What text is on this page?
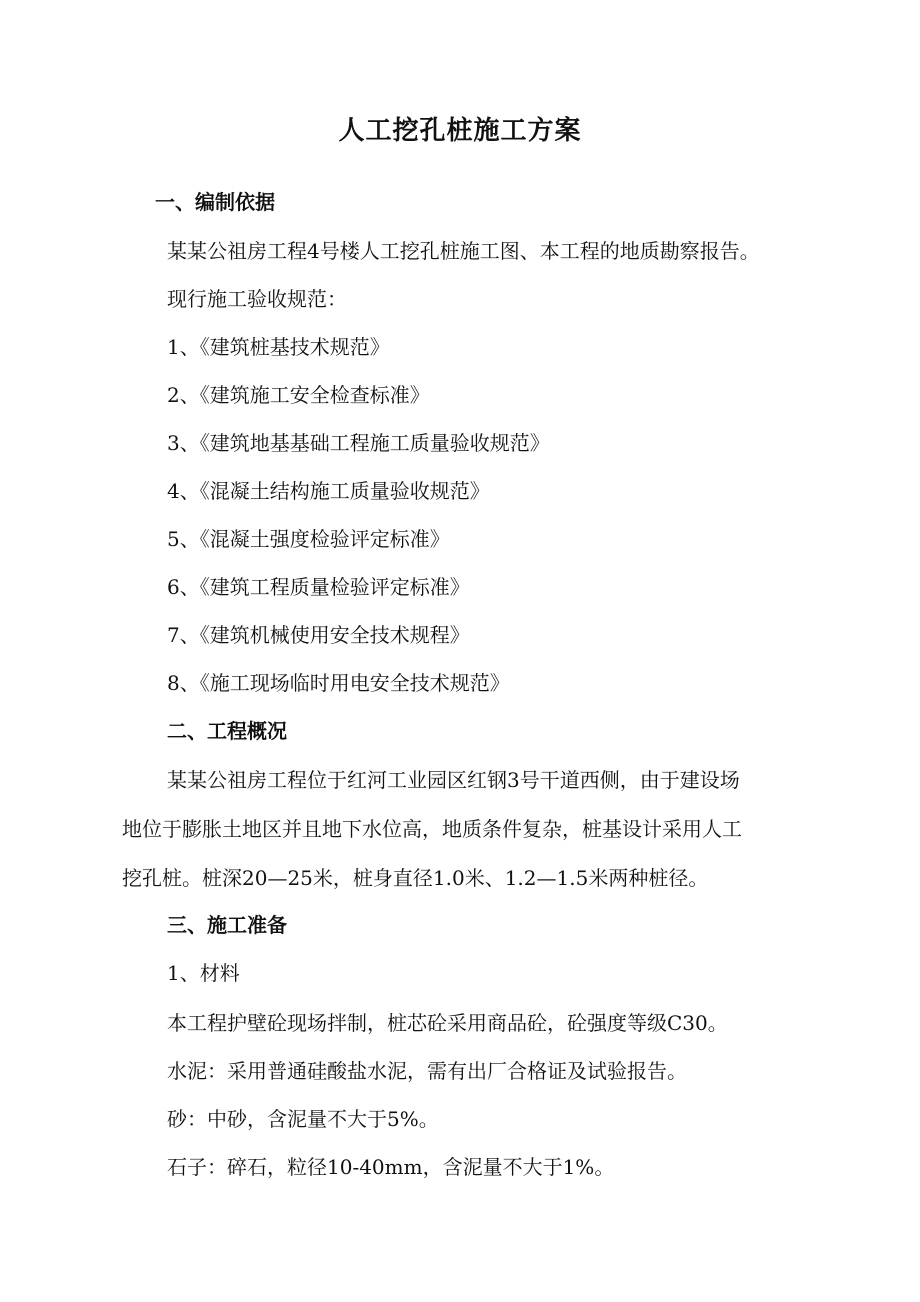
人工挖孔桩施工方案
一、编制依据
某某公祖房工程4号楼人工挖孔桩施工图、本工程的地质勘察报告。
现行施工验收规范：
1、《建筑桩基技术规范》
2、《建筑施工安全检查标准》
3、《建筑地基基础工程施工质量验收规范》
4、《混凝土结构施工质量验收规范》
5、《混凝土强度检验评定标准》
6、《建筑工程质量检验评定标准》
7、《建筑机械使用安全技术规程》
8、《施工现场临时用电安全技术规范》
二、工程概况
某某公祖房工程位于红河工业园区红钢3号干道西侧，由于建设场
地位于膨胀土地区并且地下水位高，地质条件复杂，桩基设计采用人工
挖孔桩。桩深20—25米，桩身直径1.0米、1.2—1.5米两种桩径。
三、施工准备
1、材料
本工程护壁砼现场拌制，桩芯砼采用商品砼，砼强度等级C30。
水泥：采用普通硅酸盐水泥，需有出厂合格证及试验报告。
砂：中砂，含泥量不大于5%。
石子：碎石，粒径10-40mm，含泥量不大于1%。
